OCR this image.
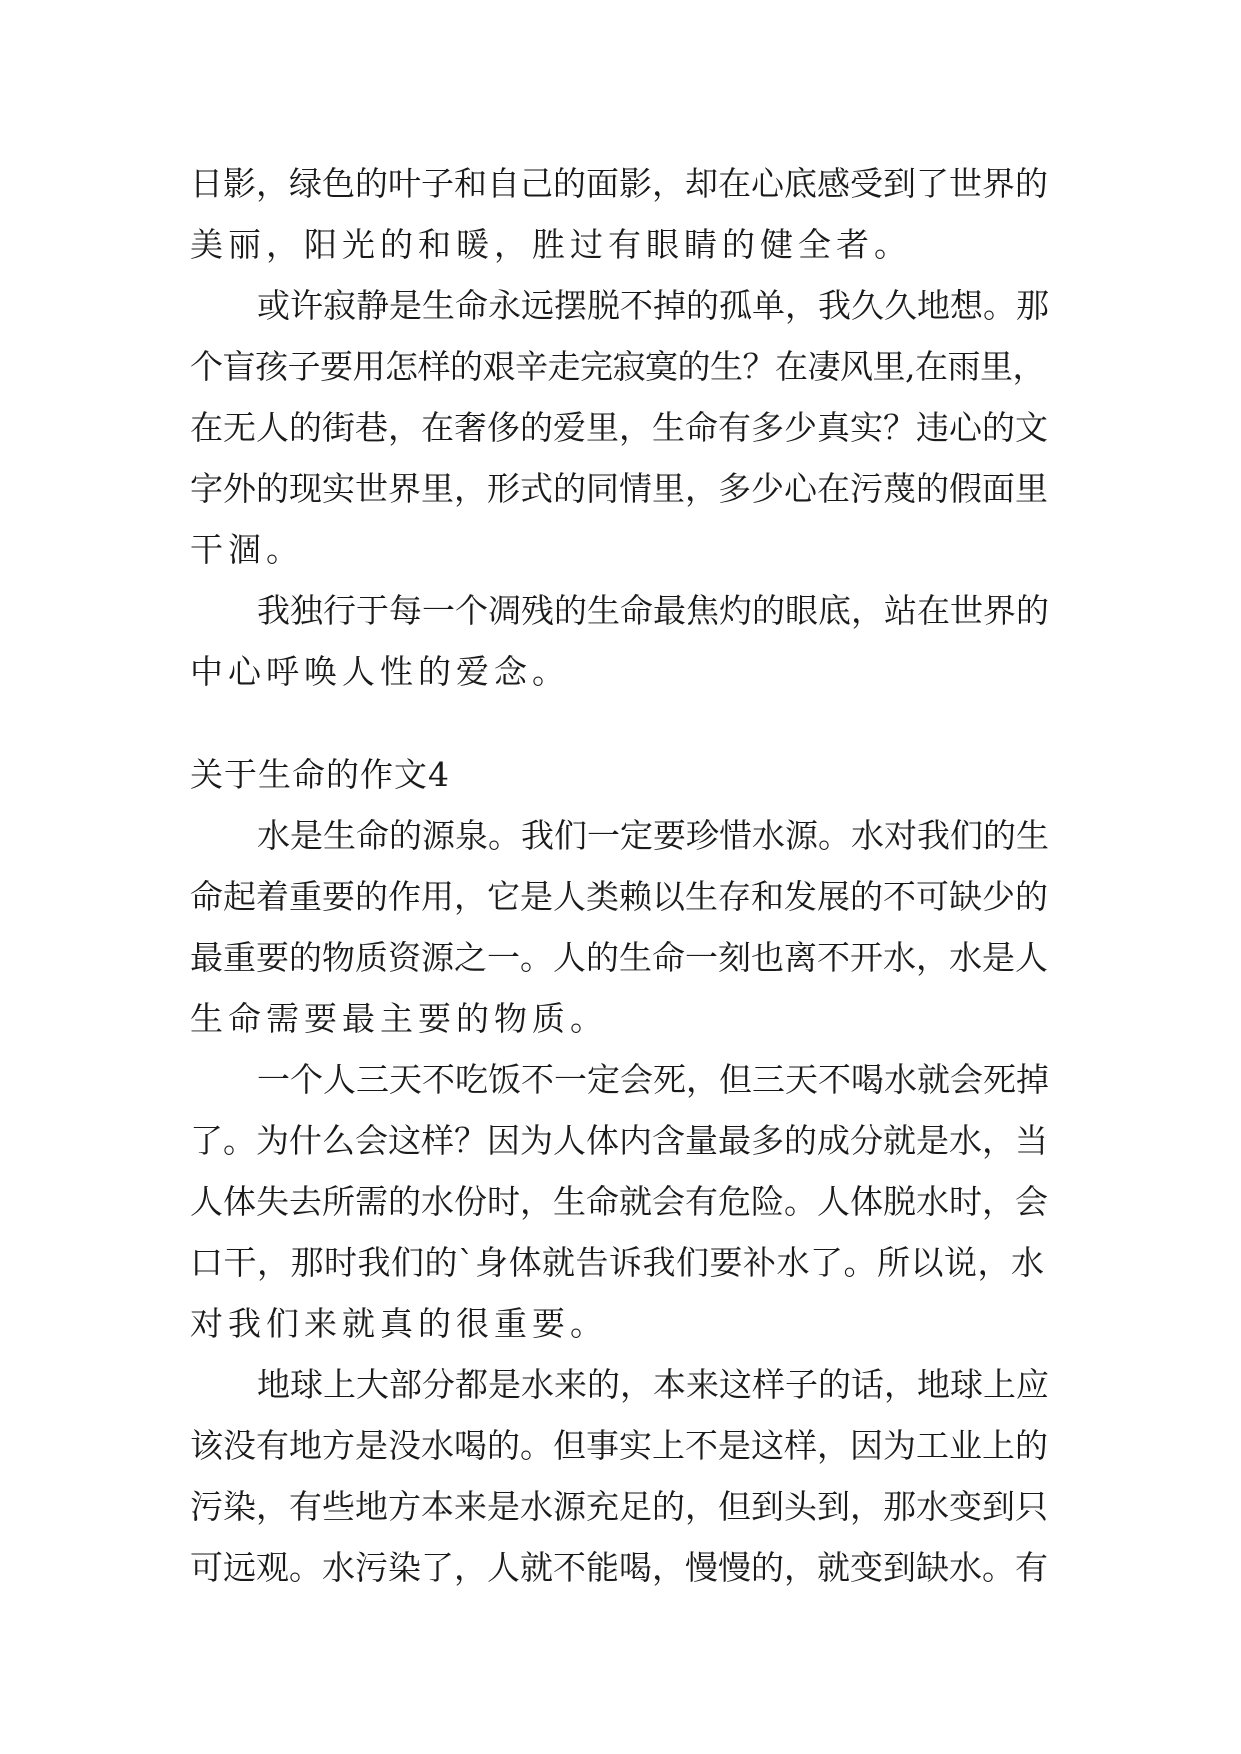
日影，绿色的叶子和自己的面影，却在心底感受到了世界的
美丽，阳光的和暖，胜过有眼睛的健全者。
或许寂静是生命永远摆脱不掉的孤单，我久久地想。那
个盲孩子要用怎样的艰辛走完寂寞的生？在凄风里,在雨里，
在无人的街巷，在奢侈的爱里，生命有多少真实？违心的文
字外的现实世界里，形式的同情里，多少心在污蔑的假面里
干涸。
我独行于每一个凋残的生命最焦灼的眼底，站在世界的
中心呼唤人性的爱念。
关于生命的作文4
水是生命的源泉。我们一定要珍惜水源。水对我们的生
命起着重要的作用，它是人类赖以生存和发展的不可缺少的
最重要的物质资源之一。人的生命一刻也离不开水，水是人
生命需要最主要的物质。
一个人三天不吃饭不一定会死，但三天不喝水就会死掉
了。为什么会这样？因为人体内含量最多的成分就是水，当
人体失去所需的水份时，生命就会有危险。人体脱水时，会
口干，那时我们的`身体就告诉我们要补水了。所以说，水
对我们来就真的很重要。
地球上大部分都是水来的，本来这样子的话，地球上应
该没有地方是没水喝的。但事实上不是这样，因为工业上的
污染，有些地方本来是水源充足的，但到头到，那水变到只
可远观。水污染了，人就不能喝，慢慢的，就变到缺水。有
